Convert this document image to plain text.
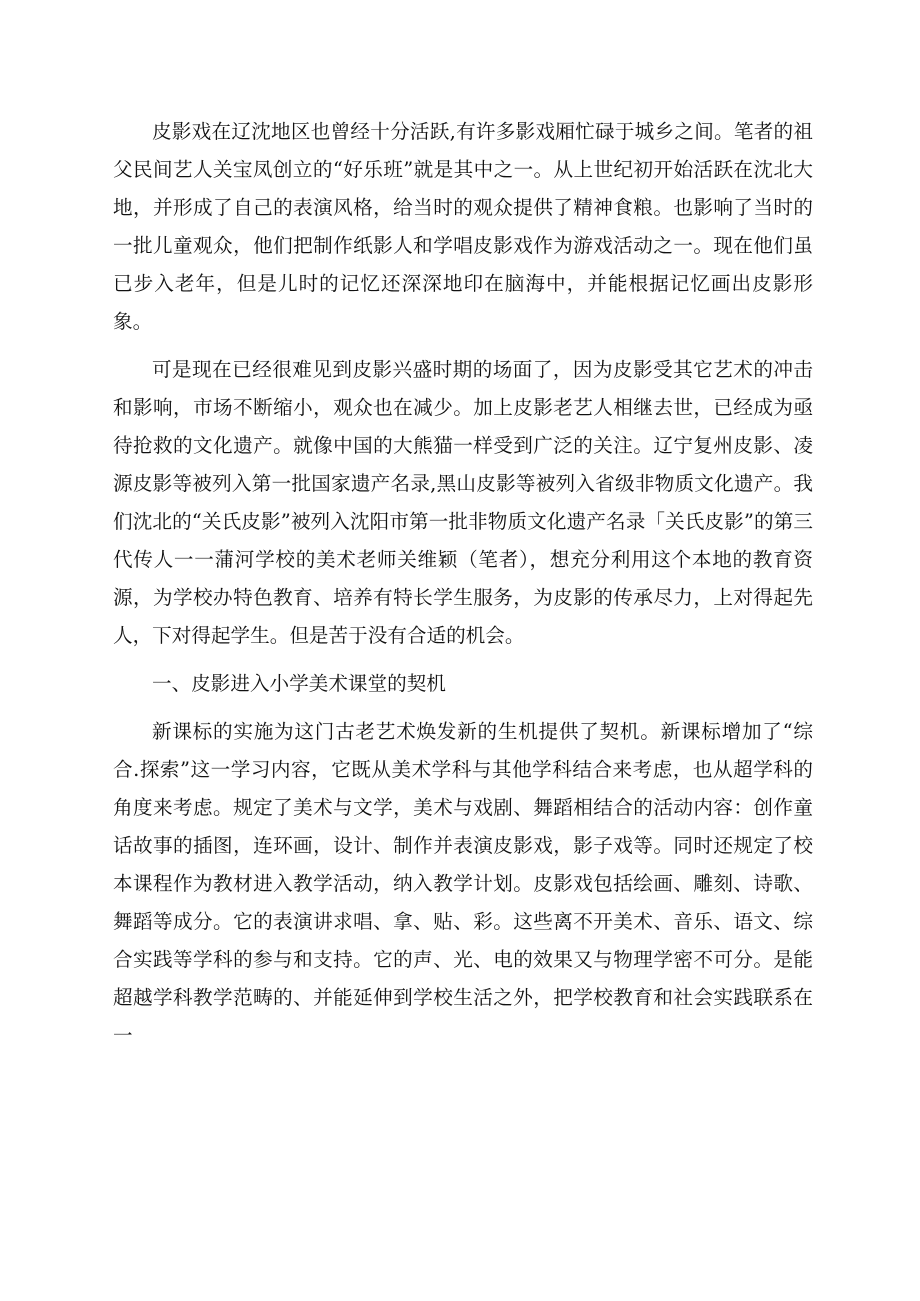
皮影戏在辽沈地区也曾经十分活跃,有许多影戏厢忙碌于城乡之间。笔者的祖父民间艺人关宝凤创立的“好乐班”就是其中之一。从上世纪初开始活跃在沈北大地，并形成了自己的表演风格，给当时的观众提供了精神食粮。也影响了当时的一批儿童观众，他们把制作纸影人和学唱皮影戏作为游戏活动之一。现在他们虽已步入老年，但是儿时的记忆还深深地印在脑海中，并能根据记忆画出皮影形象。

可是现在已经很难见到皮影兴盛时期的场面了，因为皮影受其它艺术的冲击和影响，市场不断缩小，观众也在减少。加上皮影老艺人相继去世，已经成为亟待抢救的文化遗产。就像中国的大熊猫一样受到广泛的关注。辽宁复州皮影、凌源皮影等被列入第一批国家遗产名录,黑山皮影等被列入省级非物质文化遗产。我们沈北的“关氏皮影”被列入沈阳市第一批非物质文化遗产名录「关氏皮影”的第三代传人一一蒲河学校的美术老师关维颖（笔者），想充分利用这个本地的教育资源，为学校办特色教育、培养有特长学生服务，为皮影的传承尽力，上对得起先人，下对得起学生。但是苦于没有合适的机会。

一、皮影进入小学美术课堂的契机

新课标的实施为这门古老艺术焕发新的生机提供了契机。新课标增加了“综合.探索”这一学习内容，它既从美术学科与其他学科结合来考虑，也从超学科的角度来考虑。规定了美术与文学，美术与戏剧、舞蹈相结合的活动内容：创作童话故事的插图，连环画，设计、制作并表演皮影戏，影子戏等。同时还规定了校本课程作为教材进入教学活动，纳入教学计划。皮影戏包括绘画、雕刻、诗歌、舞蹈等成分。它的表演讲求唱、拿、贴、彩。这些离不开美术、音乐、语文、综合实践等学科的参与和支持。它的声、光、电的效果又与物理学密不可分。是能超越学科教学范畴的、并能延伸到学校生活之外，把学校教育和社会实践联系在一
